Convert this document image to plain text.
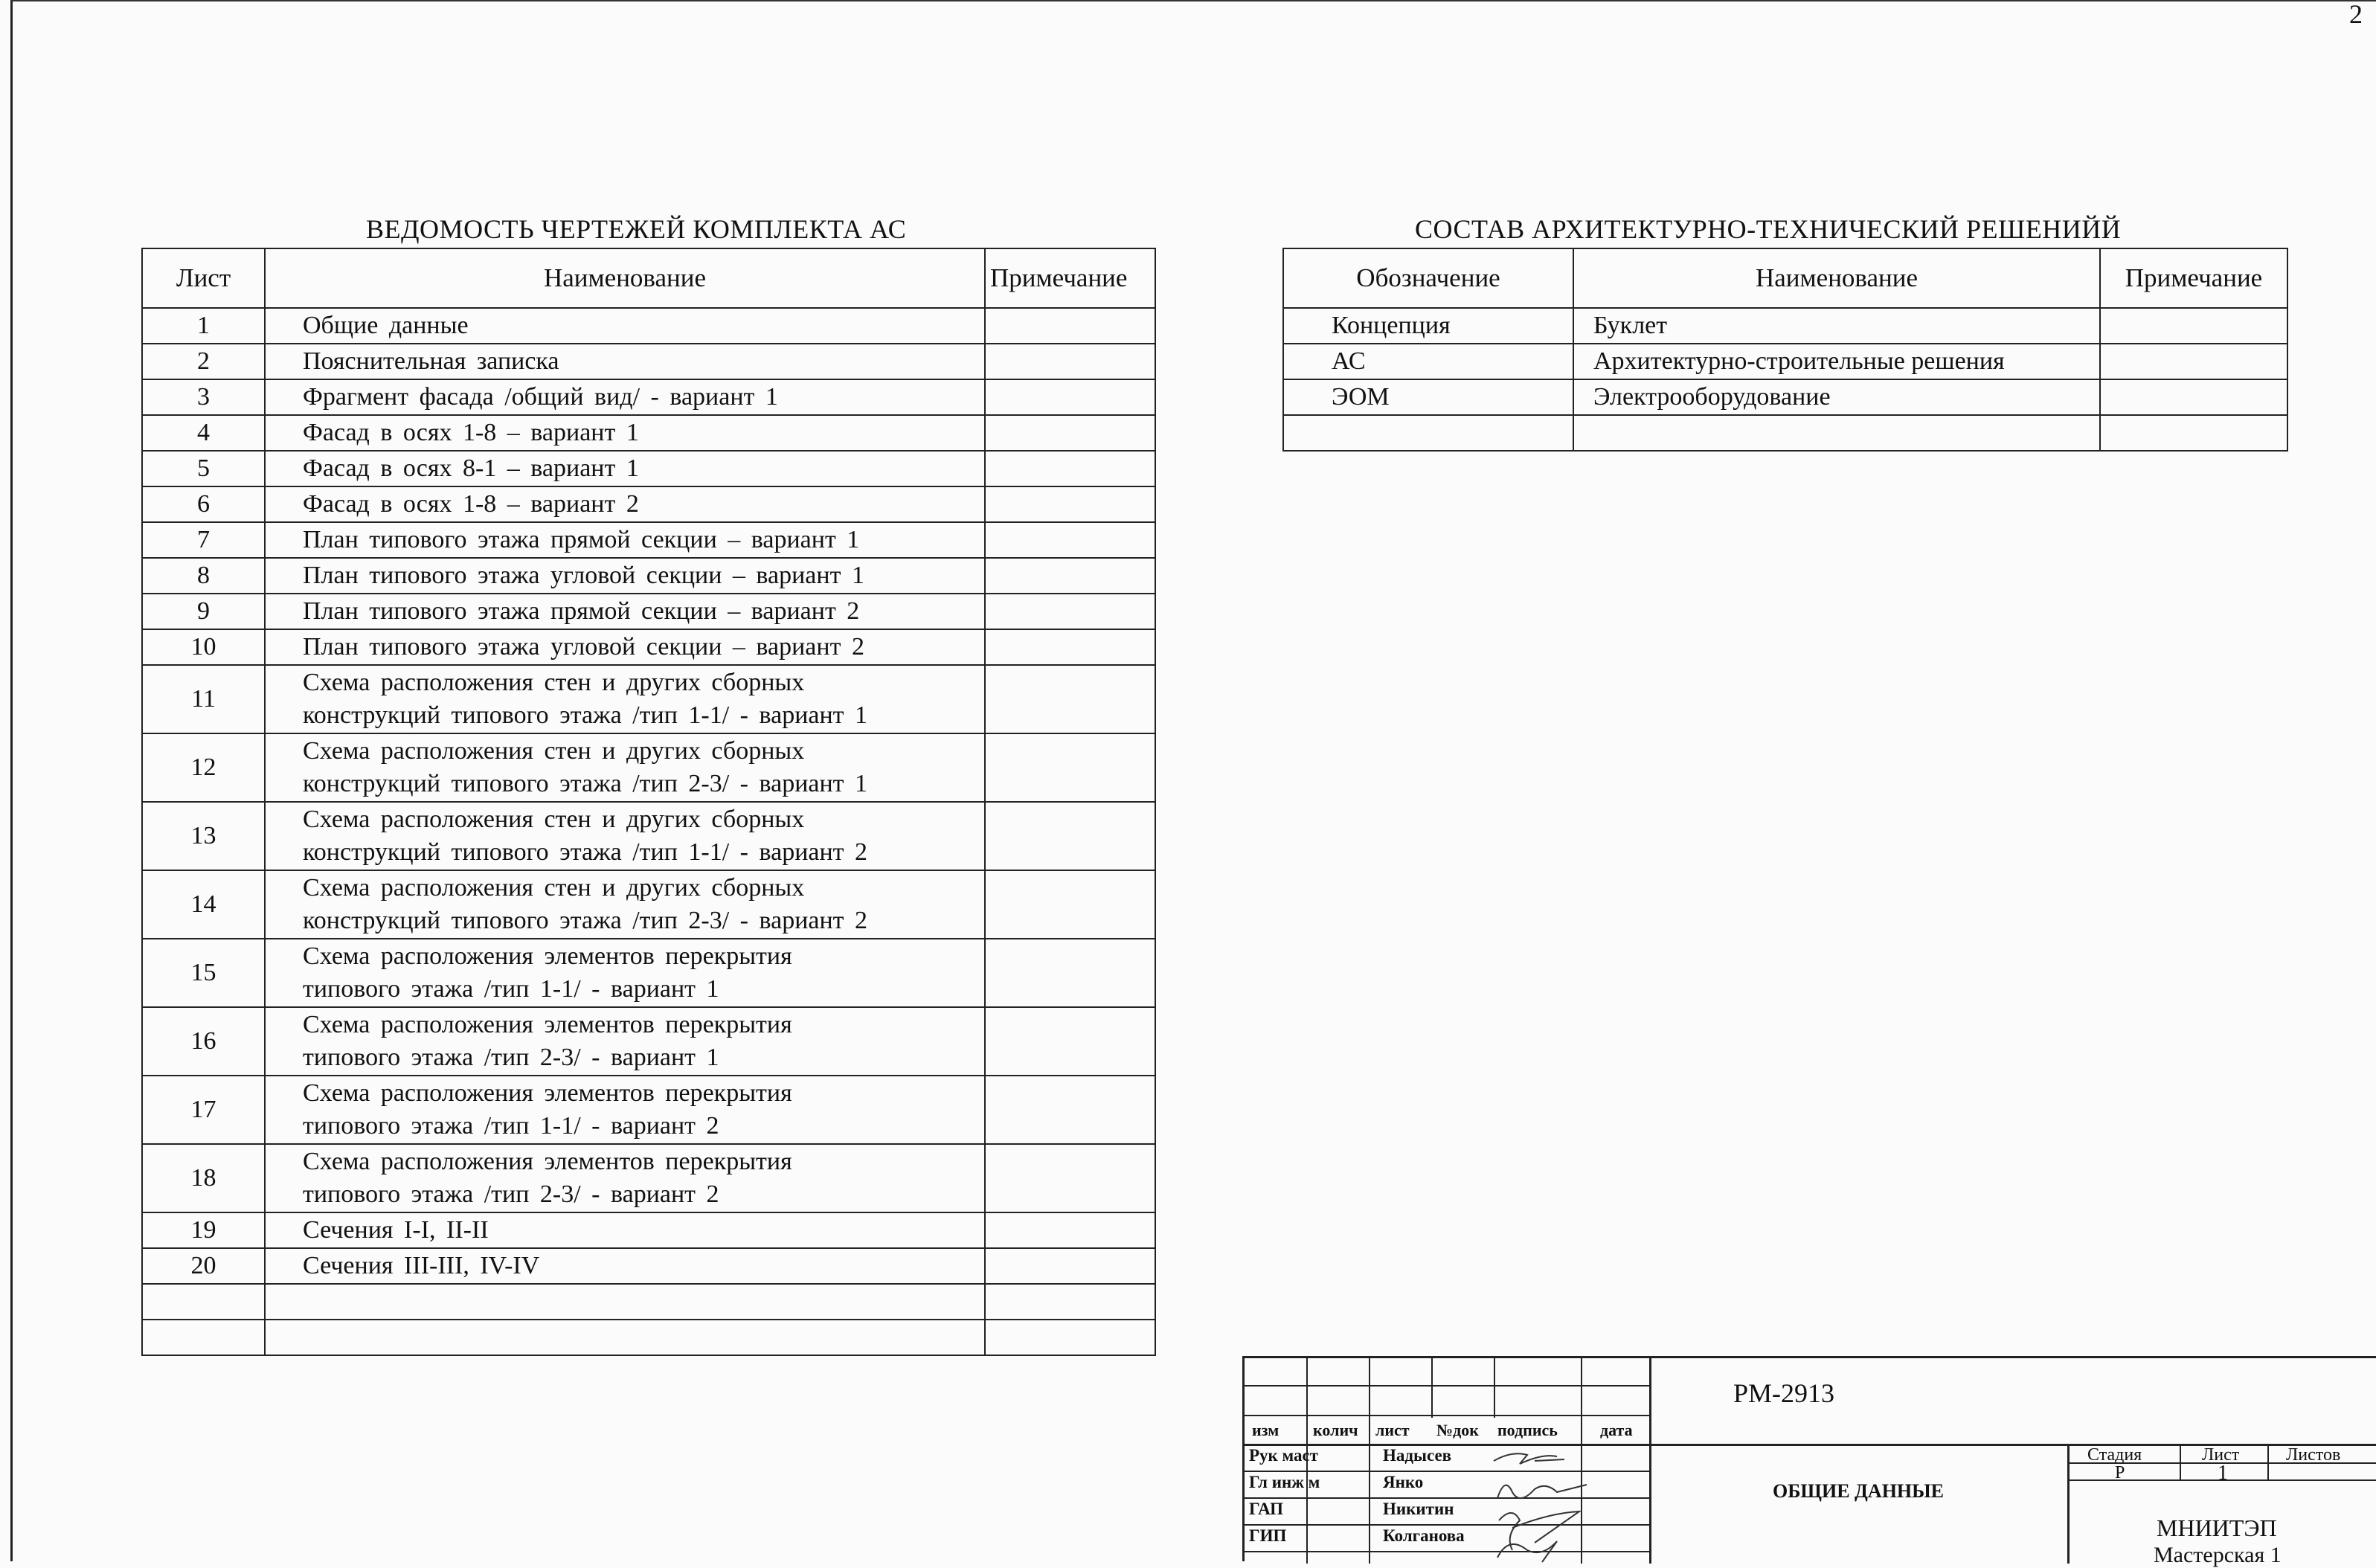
2
ВЕДОМОСТЬ ЧЕРТЕЖЕЙ КОМПЛЕКТА АС
Лист	Наименование	Примечание
1	Общие данные	

2	Пояснительная записка	

3	Фрагмент фасада /общий вид/ - вариант 1	

4	Фасад в осях 1-8 – вариант 1	

5	Фасад в осях 8-1 – вариант 1	

6	Фасад в осях 1-8 – вариант 2	

7	План типового этажа прямой секции – вариант 1	

8	План типового этажа угловой секции – вариант 1	

9	План типового этажа прямой секции – вариант 2	

10	План типового этажа угловой секции – вариант 2	

11	Схема расположения стен и других сборных
конструкций типового этажа /тип 1-1/ - вариант 1	

12	Схема расположения стен и других сборных
конструкций типового этажа /тип 2-3/ - вариант 1	

13	Схема расположения стен и других сборных
конструкций типового этажа /тип 1-1/ - вариант 2	

14	Схема расположения стен и других сборных
конструкций типового этажа /тип 2-3/ - вариант 2	

15	Схема расположения элементов перекрытия
типового этажа /тип 1-1/ - вариант 1	

16	Схема расположения элементов перекрытия
типового этажа /тип 2-3/ - вариант 1	

17	Схема расположения элементов перекрытия
типового этажа /тип 1-1/ - вариант 2	

18	Схема расположения элементов перекрытия
типового этажа /тип 2-3/ - вариант 2	

19	Сечения I-I, II-II	

20	Сечения III-III, IV-IV	

СОСТАВ АРХИТЕКТУРНО-ТЕХНИЧЕСКИЙ РЕШЕНИЙЙ
Обозначение	Наименование	Примечание
Концепция	Буклет	
АС	Архитектурно-строительные решения	
ЭОМ	Электрооборудование	

РМ-2913
ОБЩИЕ ДАННЫЕ
изм колич лист №док подпись	дата
Рук маст	Надысев
Гл инж м	Янко
ГАП	Никитин
ГИП	Колганова
Стадия	Лист	Листов
Р	1
МНИИТЭП
Мастерская 1
